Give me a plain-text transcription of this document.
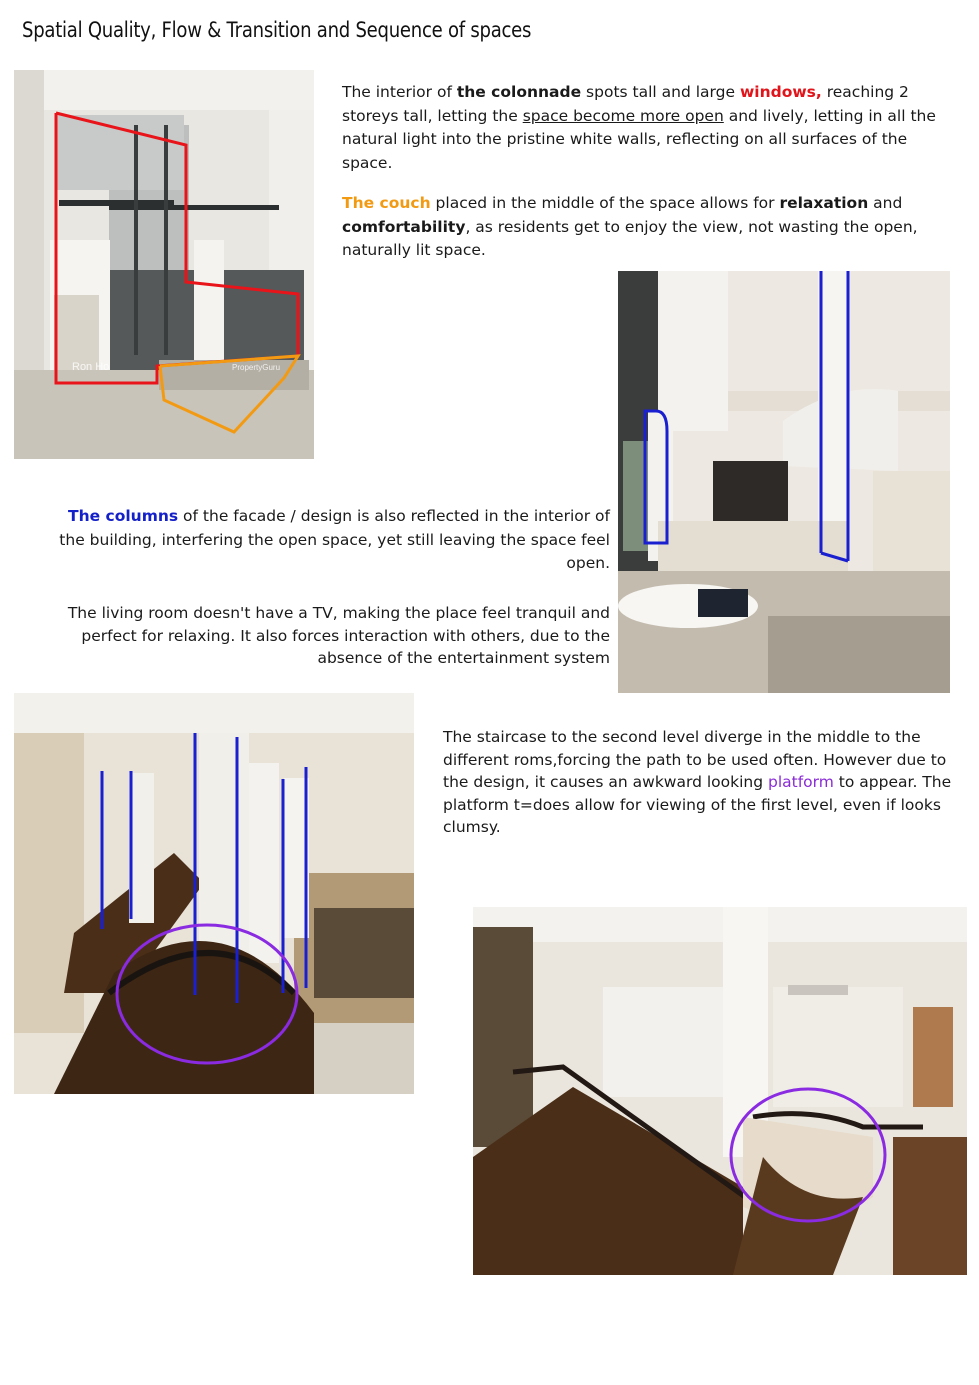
Spatial Quality, Flow & Transition and Sequence of spaces
Ron Ho	PropertyGuru
The interior of the colonnade spots tall and large windows, reaching 2 storeys tall, letting the space become more open and lively, letting in all the natural light into the pristine white walls, reflecting on all surfaces of the space.
The couch placed in the middle of the space allows for relaxation and comfortability, as residents get to enjoy the view, not wasting the open, naturally lit space.
The columns of the facade / design is also reflected in the interior of the building, interfering the open space, yet still leaving the space feel open.
The living room doesn't have a TV, making the place feel tranquil and perfect for relaxing. It also forces interaction with others, due to the absence of the entertainment system
The staircase to the second level diverge in the middle to the different roms,forcing the path to be used often. However due to the design, it causes an awkward looking platform to appear. The platform t=does allow for viewing of the first level, even if looks clumsy.
